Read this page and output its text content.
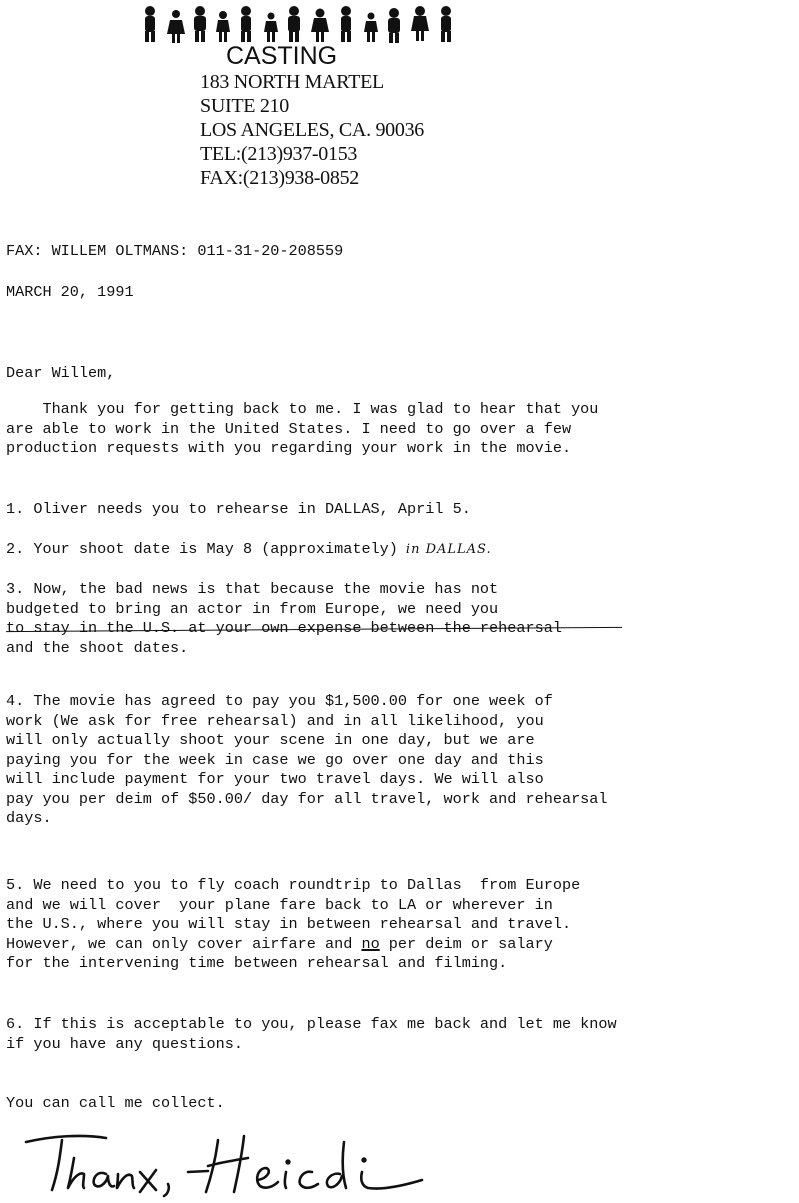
CASTING
183 NORTH MARTEL
SUITE 210
LOS ANGELES, CA. 90036
TEL:(213)937-0153
FAX:(213)938-0852
FAX: WILLEM OLTMANS: 011-31-20-208559
MARCH 20, 1991
Dear Willem,
Thank you for getting back to me. I was glad to hear that you
are able to work in the United States. I need to go over a few
production requests with you regarding your work in the movie.
1. Oliver needs you to rehearse in DALLAS, April 5.
2. Your shoot date is May 8 (approximately) in DALLAS.
3. Now, the bad news is that because the movie has not
budgeted to bring an actor in from Europe, we need you
to stay in the U.S. at your own expense between the rehearsal
and the shoot dates.
4. The movie has agreed to pay you $1,500.00 for one week of
work (We ask for free rehearsal) and in all likelihood, you
will only actually shoot your scene in one day, but we are
paying you for the week in case we go over one day and this
will include payment for your two travel days. We will also
pay you per deim of $50.00/ day for all travel, work and rehearsal
days.
5. We need to you to fly coach roundtrip to Dallas  from Europe
and we will cover  your plane fare back to LA or wherever in
the U.S., where you will stay in between rehearsal and travel.
However, we can only cover airfare and no per deim or salary
for the intervening time between rehearsal and filming.
6. If this is acceptable to you, please fax me back and let me know
if you have any questions.
You can call me collect.
